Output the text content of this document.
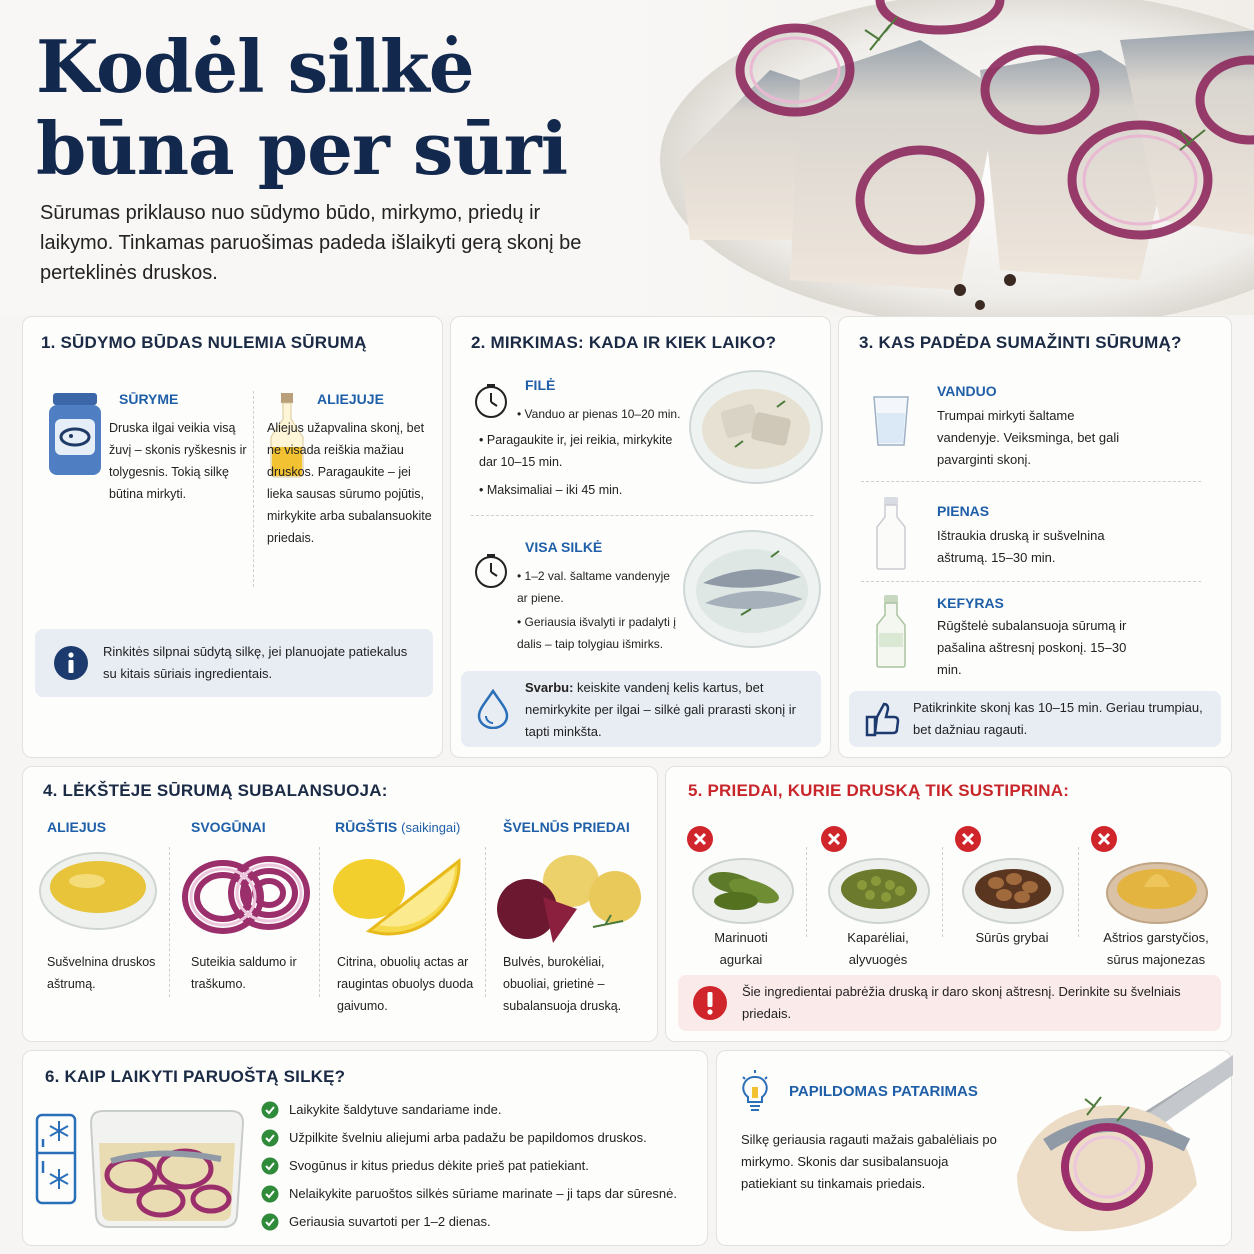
Kodėl silkė būna per sūri
Sūrumas priklauso nuo sūdymo būdo, mirkymo, priedų ir laikymo. Tinkamas paruošimas padeda išlaikyti gerą skonį be perteklinės druskos.
1. SŪDYMO BŪDAS NULEMIA SŪRUMĄ
SŪRYME
Druska ilgai veikia visą žuvį – skonis ryškesnis ir tolygesnis. Tokią silkę būtina mirkyti.
ALIEJUJE
Aliejus užapvalina skonį, bet ne visada reiškia mažiau druskos. Paragaukite – jei lieka sausas sūrumo pojūtis, mirkykite arba subalansuokite priedais.
Rinkitės silpnai sūdytą silkę, jei planuojate patiekalus su kitais sūriais ingredientais.
2. MIRKIMAS: KADA IR KIEK LAIKO?
FILĖ
• Vanduo ar pienas 10–20 min.
• Paragaukite ir, jei reikia, mirkykite dar 10–15 min.
• Maksimaliai – iki 45 min.
VISA SILKĖ
• 1–2 val. šaltame vandenyje ar piene.
• Geriausia išvalyti ir padalyti į dalis – taip tolygiau išmirks.
Svarbu: keiskite vandenį kelis kartus, bet nemirkykite per ilgai – silkė gali prarasti skonį ir tapti minkšta.
3. KAS PADĖDA SUMAŽINTI SŪRUMĄ?
VANDUO
Trumpai mirkyti šaltame vandenyje. Veiksminga, bet gali pavarginti skonį.
PIENAS
Ištraukia druską ir sušvelnina aštrumą. 15–30 min.
KEFYRAS
Rūgštelė subalansuoja sūrumą ir pašalina aštresnį poskonį. 15–30 min.
Patikrinkite skonį kas 10–15 min. Geriau trumpiau, bet dažniau ragauti.
4. LĖKŠTĖJE SŪRUMĄ SUBALANSUOJA:
ALIEJUS
Sušvelnina druskos aštrumą.
SVOGŪNAI
Suteikia saldumo ir traškumo.
RŪGŠTIS (saikingai)
Citrina, obuolių actas ar raugintas obuolys duoda gaivumo.
ŠVELNŪS PRIEDAI
Bulvės, burokėliai, obuoliai, grietinė – subalansuoja druską.
5. PRIEDAI, KURIE DRUSKĄ TIK SUSTIPRINA:
Marinuoti agurkai
Kaparėliai, alyvuogės
Sūrūs grybai	Aštrios garstyčios, sūrus majonezas
Šie ingredientai pabrėžia druską ir daro skonį aštresnį. Derinkite su švelniais priedais.
6. KAIP LAIKYTI PARUOŠTĄ SILKĘ?
Laikykite šaldytuve sandariame inde.
Užpilkite švelniu aliejumi arba padažu be papildomos druskos.
Svogūnus ir kitus priedus dėkite prieš pat patiekiant.
Nelaikykite paruoštos silkės sūriame marinate – ji taps dar sūresnė.
Geriausia suvartoti per 1–2 dienas.
PAPILDOMAS PATARIMAS
Silkę geriausia ragauti mažais gabalėliais po mirkymo. Skonis dar susibalansuoja patiekiant su tinkamais priedais.
